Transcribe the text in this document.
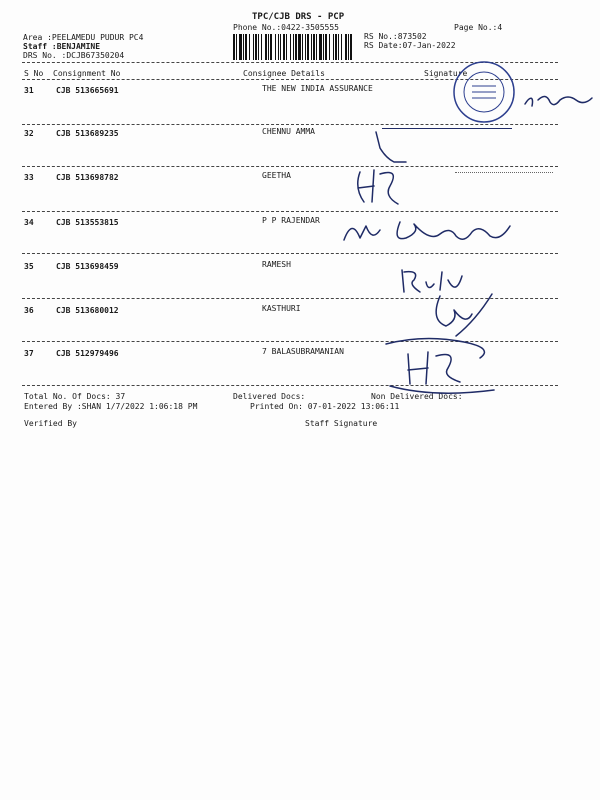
TPC/CJB DRS - PCP
Phone No.:0422-3505555	Page No.:4
Area :PEELAMEDU PUDUR PC4
Staff :BENJAMINE
DRS No. :DCJB67350204
RS No.:873502
RS Date:07-Jan-2022
S No Consignment No	Consignee Details	Signature
31	CJB 513665691	THE NEW INDIA ASSURANCE
32	CJB 513689235	CHENNU AMMA
33	CJB 513698782	GEETHA
34	CJB 513553815	P P RAJENDAR
35	CJB 513698459	RAMESH
36	CJB 513680012	KASTHURI
37	CJB 512979496	7 BALASUBRAMANIAN
Total No. Of Docs: 37	Delivered Docs:	Non Delivered Docs:
Entered By :SHAN 1/7/2022 1:06:18 PM	Printed On: 07-01-2022 13:06:11
Verified By	Staff Signature
